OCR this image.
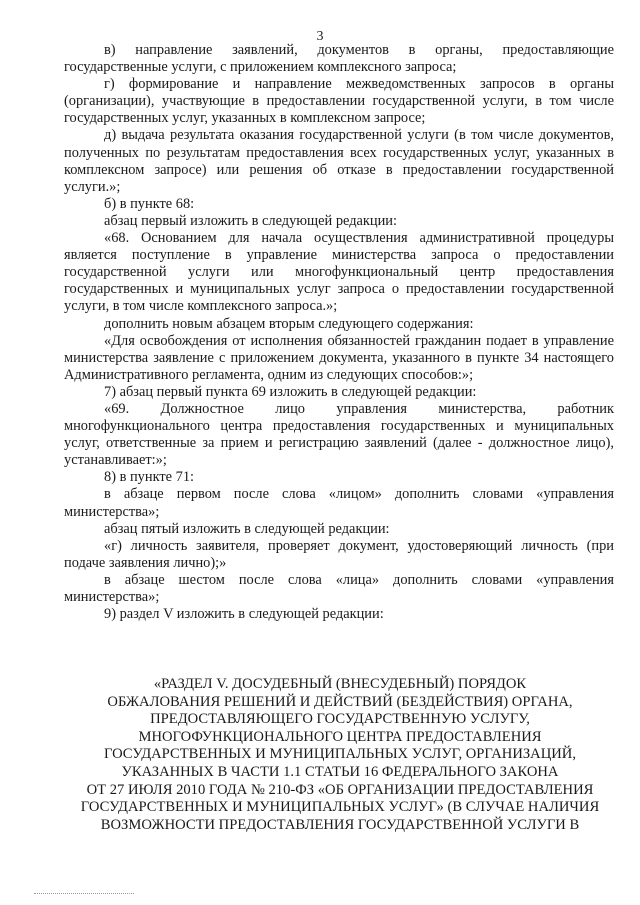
3

в) направление заявлений, документов в органы, предоставляющие государственные услуги, с приложением комплексного запроса;

г) формирование и направление межведомственных запросов в органы (организации), участвующие в предоставлении государственной услуги, в том числе государственных услуг, указанных в комплексном запросе;

д) выдача результата оказания государственной услуги (в том числе документов, полученных по результатам предоставления всех государственных услуг, указанных в комплексном запросе) или решения об отказе в предоставлении государственной услуги.»;

б) в пункте 68:

абзац первый изложить в следующей редакции:

«68. Основанием для начала осуществления административной процедуры является поступление в управление министерства запроса о предоставлении государственной услуги или многофункциональный центр предоставления государственных и муниципальных услуг запроса о предоставлении государственной услуги, в том числе комплексного запроса.»;

дополнить новым абзацем вторым следующего содержания:

«Для освобождения от исполнения обязанностей гражданин подает в управление министерства заявление с приложением документа, указанного в пункте 34 настоящего Административного регламента, одним из следующих способов:»;

7) абзац первый пункта 69 изложить в следующей редакции:

«69. Должностное лицо управления министерства, работник многофункционального центра предоставления государственных и муниципальных услуг, ответственные за прием и регистрацию заявлений (далее - должностное лицо), устанавливает:»;

8) в пункте 71:

в абзаце первом после слова «лицом» дополнить словами «управления министерства»;

абзац пятый изложить в следующей редакции:

«г) личность заявителя, проверяет документ, удостоверяющий личность (при подаче заявления лично);»

в абзаце шестом после слова «лица» дополнить словами «управления министерства»;

9) раздел V изложить в следующей редакции:

«РАЗДЕЛ V. ДОСУДЕБНЫЙ (ВНЕСУДЕБНЫЙ) ПОРЯДОК
ОБЖАЛОВАНИЯ РЕШЕНИЙ И ДЕЙСТВИЙ (БЕЗДЕЙСТВИЯ) ОРГАНА,
ПРЕДОСТАВЛЯЮЩЕГО ГОСУДАРСТВЕННУЮ УСЛУГУ,
МНОГОФУНКЦИОНАЛЬНОГО ЦЕНТРА ПРЕДОСТАВЛЕНИЯ
ГОСУДАРСТВЕННЫХ И МУНИЦИПАЛЬНЫХ УСЛУГ, ОРГАНИЗАЦИЙ,
УКАЗАННЫХ В ЧАСТИ 1.1 СТАТЬИ 16 ФЕДЕРАЛЬНОГО ЗАКОНА
ОТ 27 ИЮЛЯ 2010 ГОДА № 210-ФЗ «ОБ ОРГАНИЗАЦИИ ПРЕДОСТАВЛЕНИЯ
ГОСУДАРСТВЕННЫХ И МУНИЦИПАЛЬНЫХ УСЛУГ» (В СЛУЧАЕ НАЛИЧИЯ
ВОЗМОЖНОСТИ ПРЕДОСТАВЛЕНИЯ ГОСУДАРСТВЕННОЙ УСЛУГИ В
